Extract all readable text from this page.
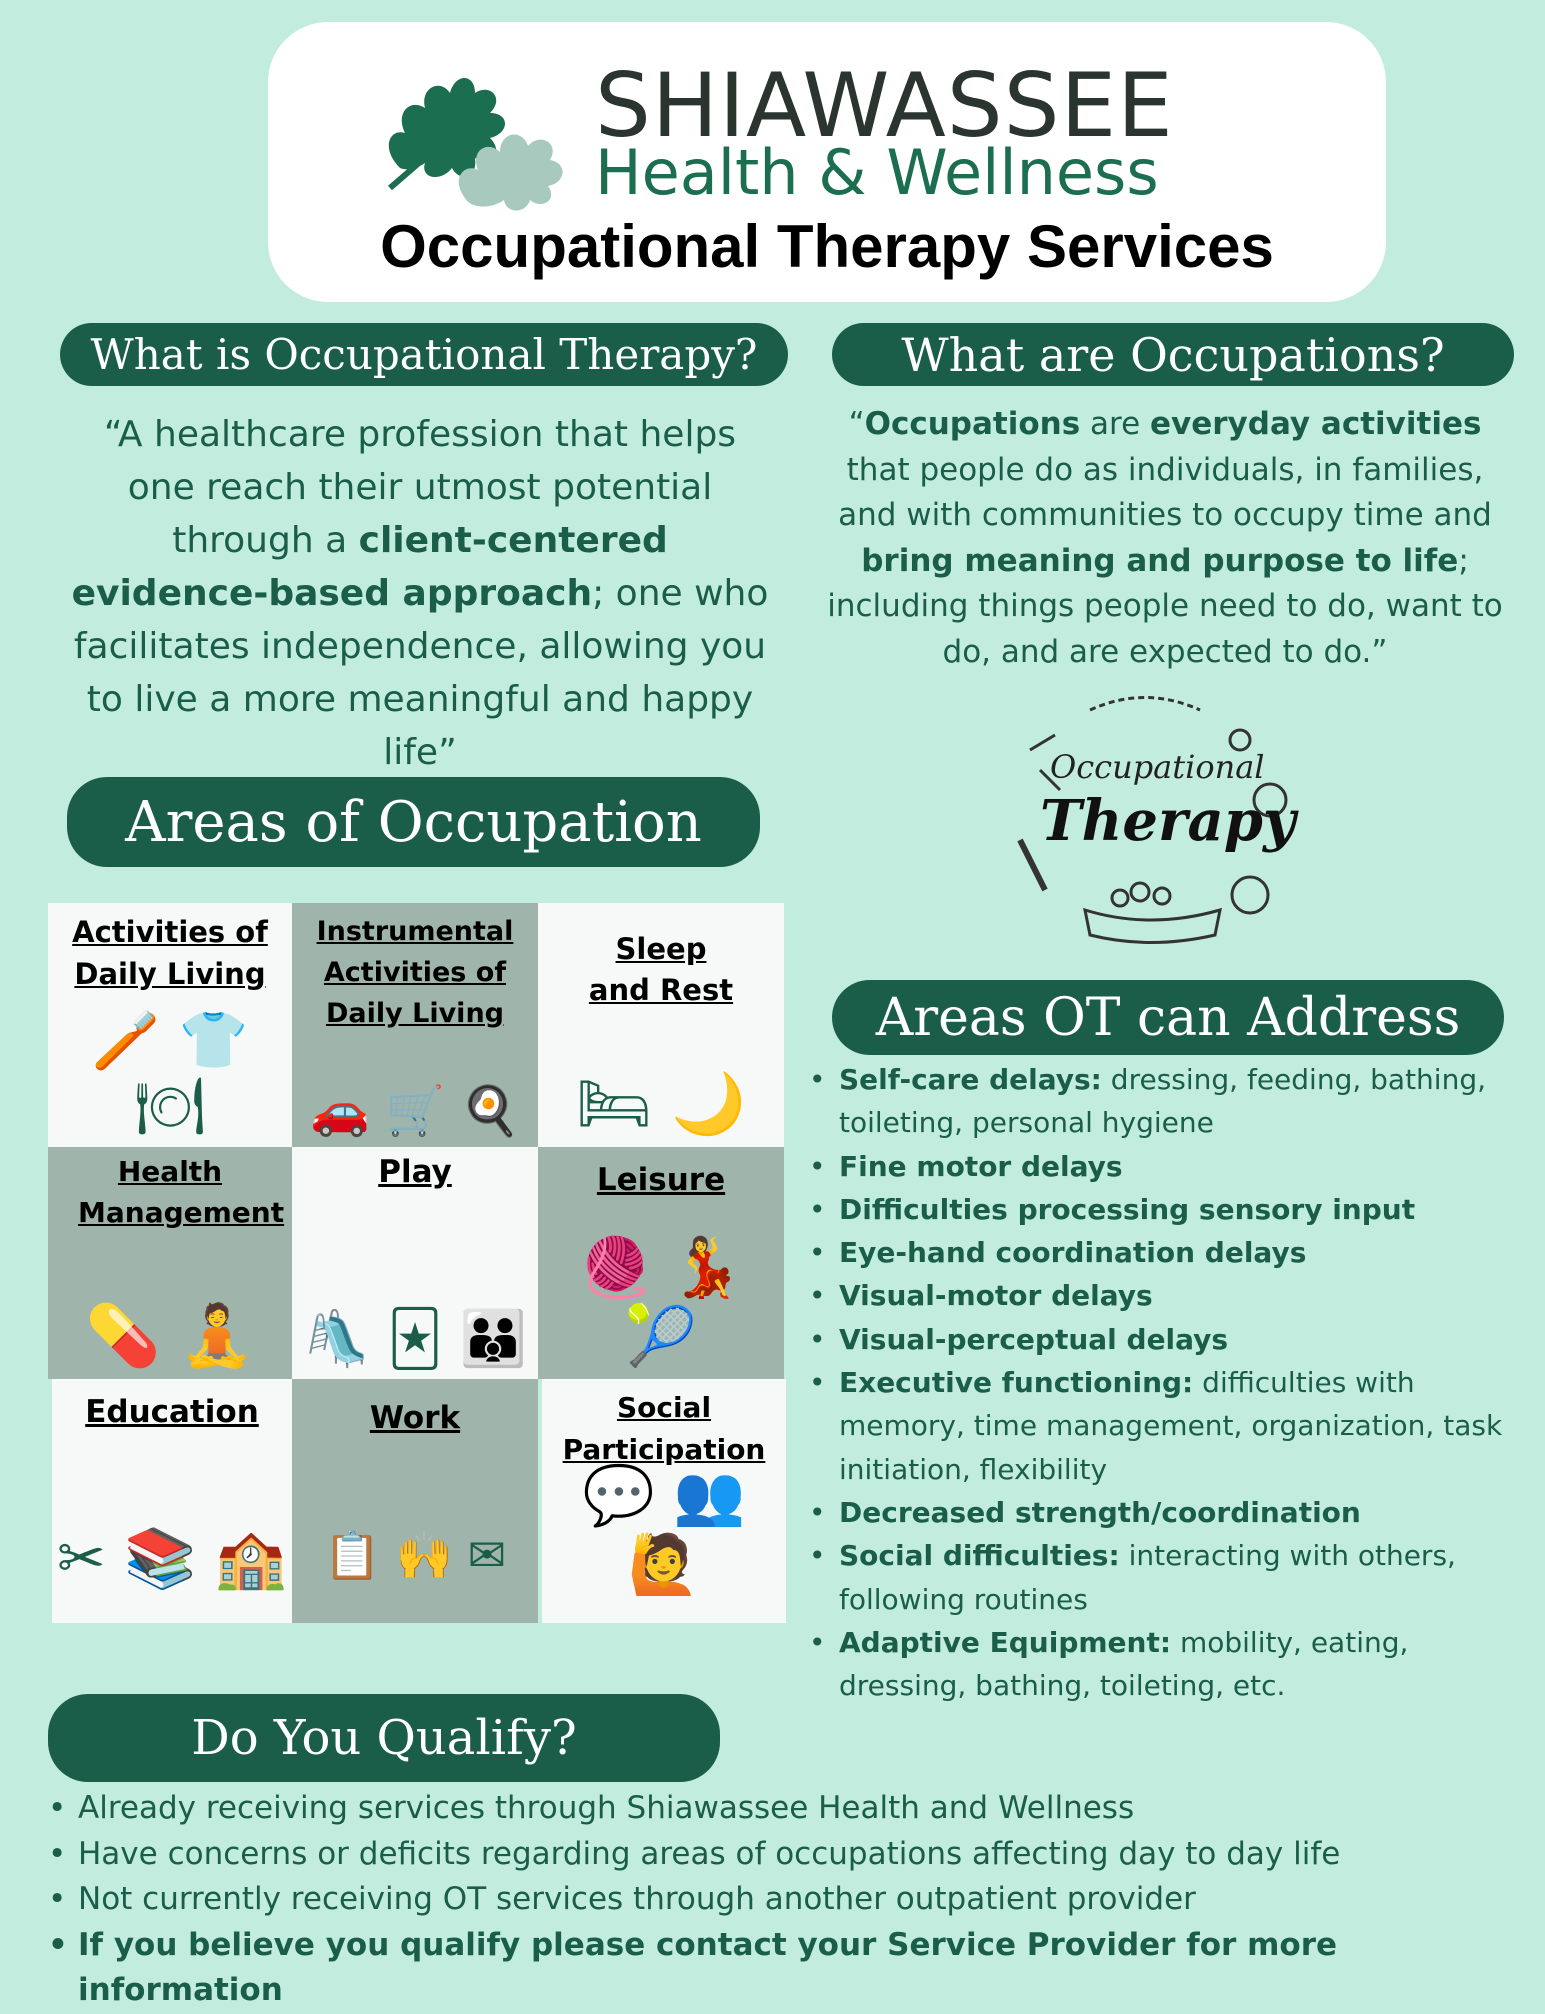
SHIAWASSEE
Health & Wellness
Occupational Therapy Services
What is Occupational Therapy?
“A healthcare profession that helps one reach their utmost potential through a client-centered evidence-based approach; one who facilitates independence, allowing you to live a more meaningful and happy life”
What are Occupations?
“Occupations are everyday activities that people do as individuals, in families, and with communities to occupy time and bring meaning and purpose to life; including things people need to do, want to do, and are expected to do.”
Occupational
Therapy
Areas of Occupation
Activities of Daily Living
🪥 👕 🍽
Instrumental Activities of Daily Living
🚗 🛒 🍳
Sleep and Rest
🛏 🌙
Health Management
💊 🧘
Play
🛝 🃏 👪
Leisure
🧶 💃 🎾
Education
✂ 📚 🏫
Work
📋 🙌 ✉
Social Participation
💬 👥 🙋
Areas OT can Address
• Self-care delays: dressing, feeding, bathing, toileting, personal hygiene
• Fine motor delays
• Difficulties processing sensory input
• Eye-hand coordination delays
• Visual-motor delays
• Visual-perceptual delays
• Executive functioning: difficulties with memory, time management, organization, task initiation, flexibility
• Decreased strength/coordination
• Social difficulties: interacting with others, following routines
• Adaptive Equipment: mobility, eating, dressing, bathing, toileting, etc.
Do You Qualify?
• Already receiving services through Shiawassee Health and Wellness
• Have concerns or deficits regarding areas of occupations affecting day to day life
• Not currently receiving OT services through another outpatient provider
• If you believe you qualify please contact your Service Provider for more information
